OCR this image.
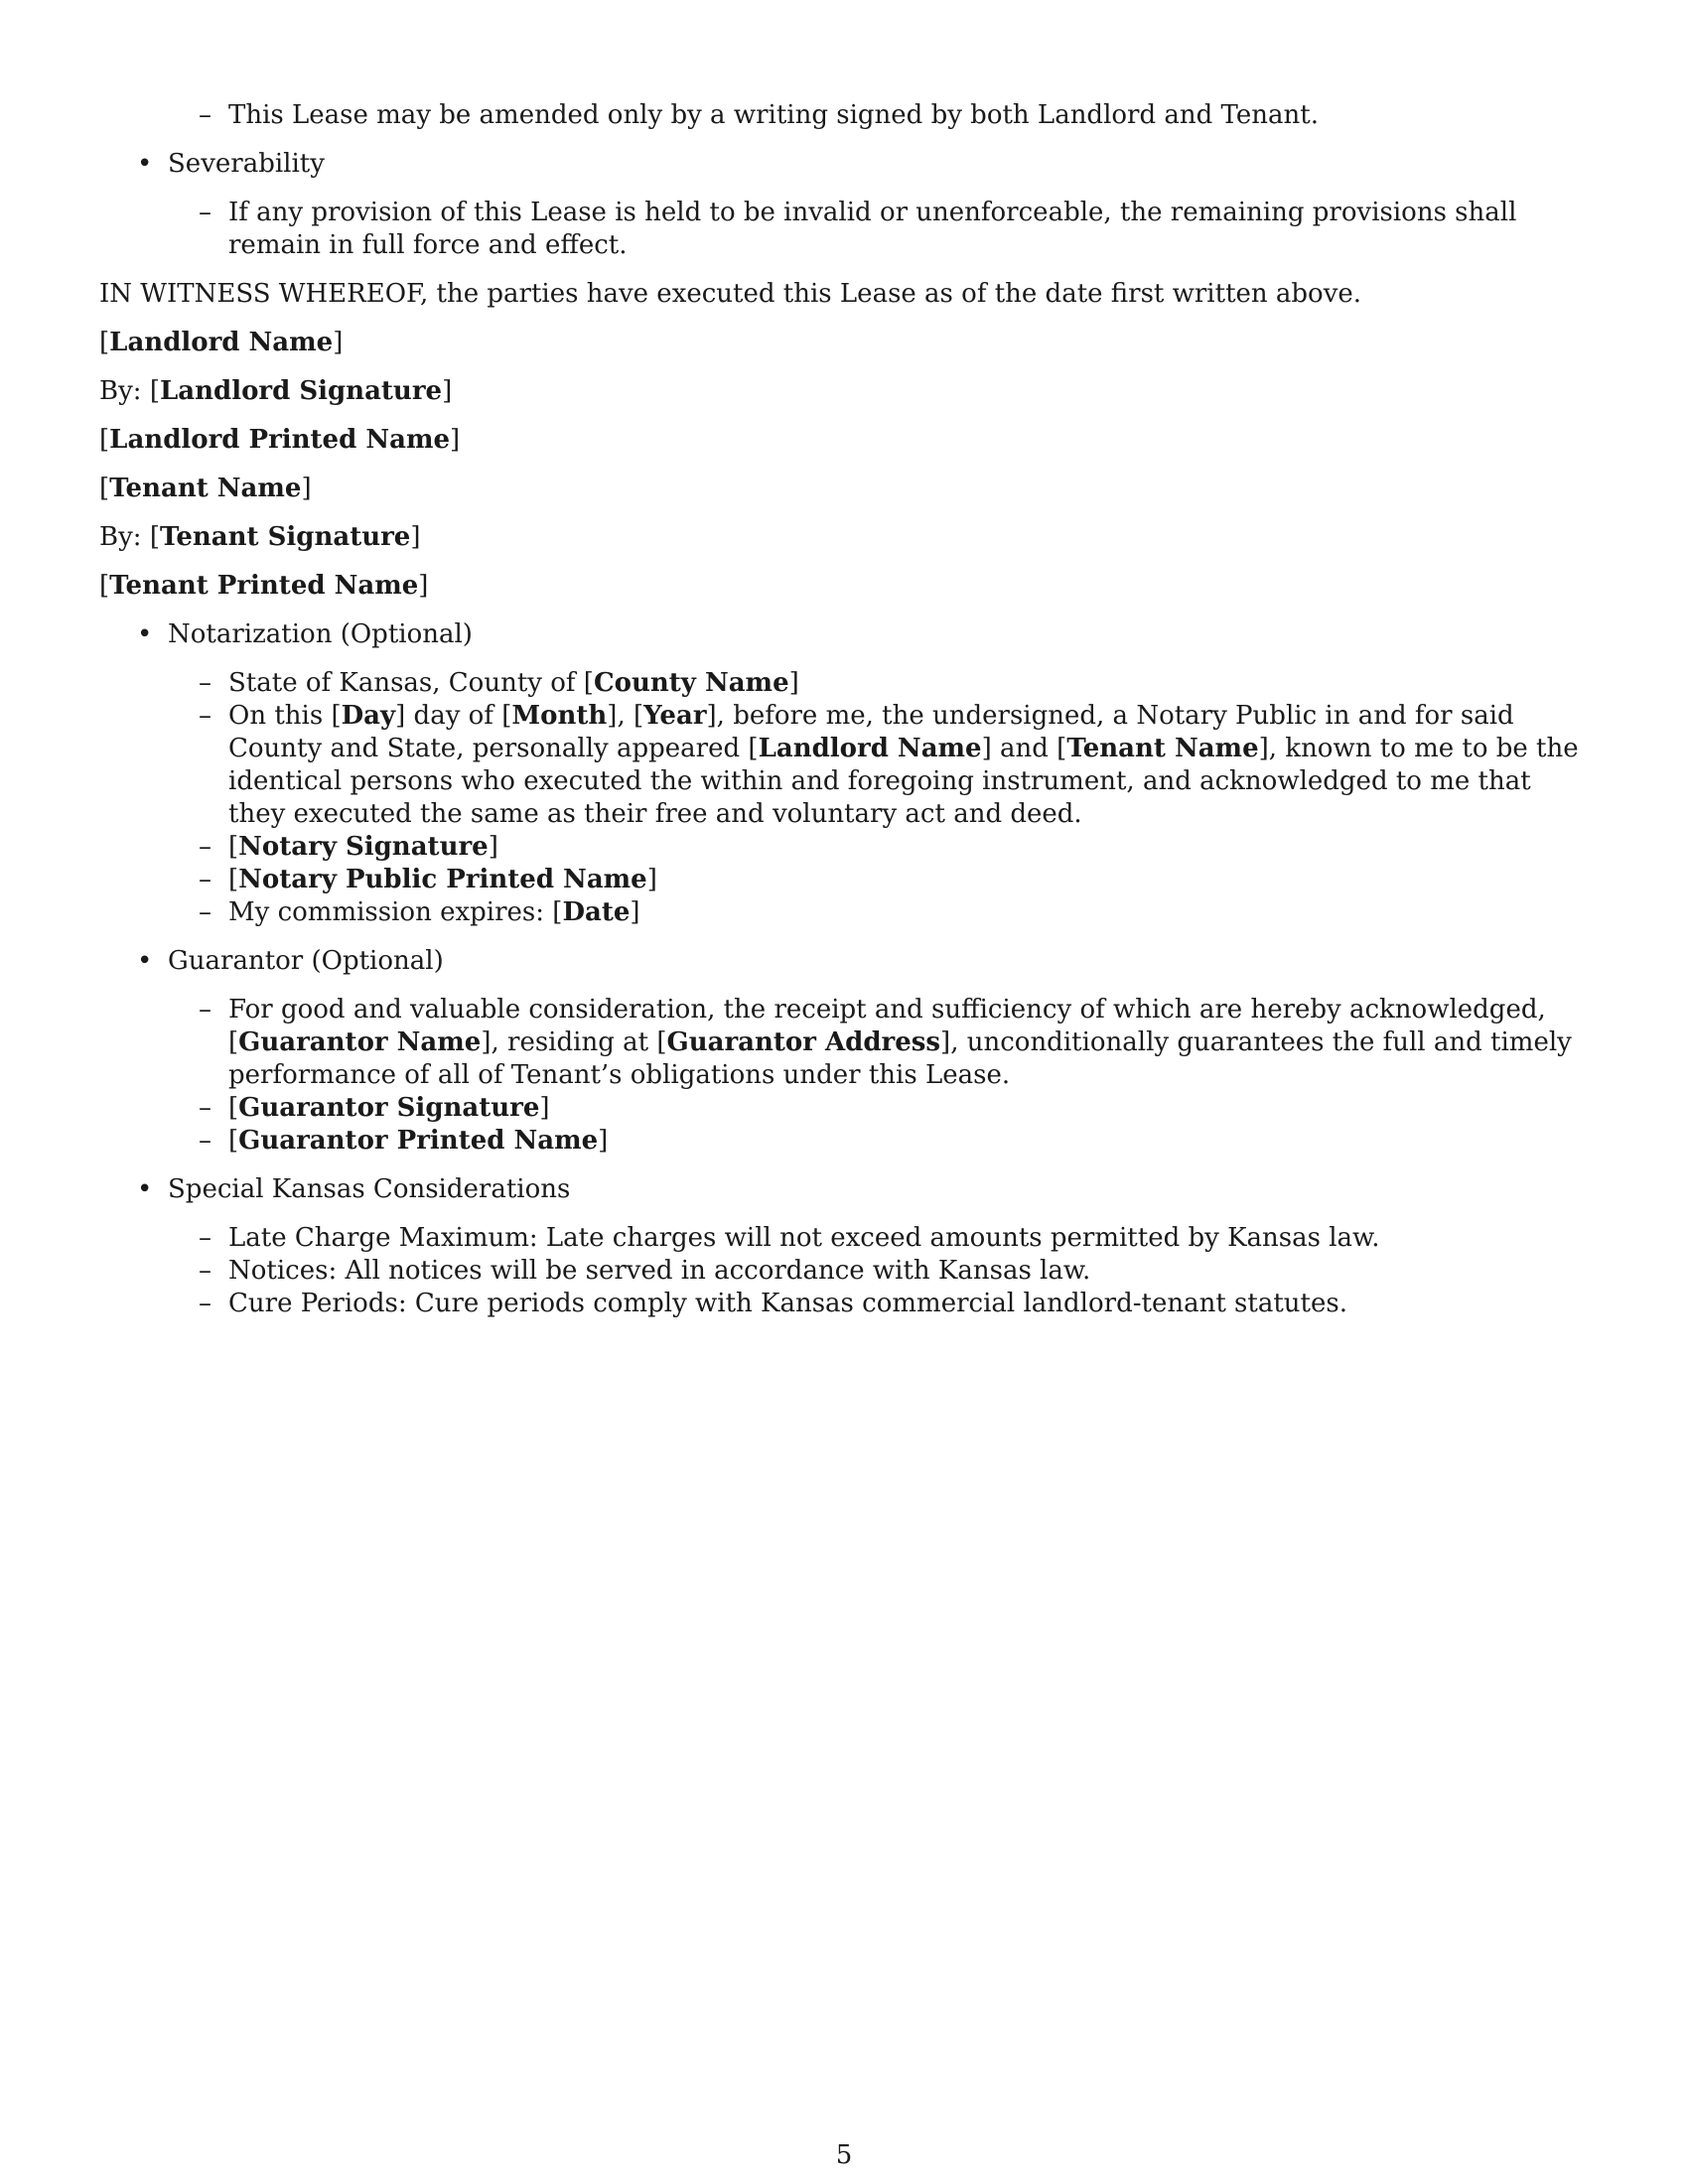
– This Lease may be amended only by a writing signed by both Landlord and Tenant.
• Severability
– If any provision of this Lease is held to be invalid or unenforceable, the remaining provisions shall remain in full force and effect.

IN WITNESS WHEREOF, the parties have executed this Lease as of the date first written above.

[Landlord Name]

By: [Landlord Signature]

[Landlord Printed Name]

[Tenant Name]

By: [Tenant Signature]

[Tenant Printed Name]

• Notarization (Optional)
– State of Kansas, County of [County Name]
– On this [Day] day of [Month], [Year], before me, the undersigned, a Notary Public in and for said County and State, personally appeared [Landlord Name] and [Tenant Name], known to me to be the identical persons who executed the within and foregoing instrument, and acknowledged to me that they executed the same as their free and voluntary act and deed.
– [Notary Signature]
– [Notary Public Printed Name]
– My commission expires: [Date]
• Guarantor (Optional)
– For good and valuable consideration, the receipt and sufficiency of which are hereby acknowledged, [Guarantor Name], residing at [Guarantor Address], unconditionally guarantees the full and timely performance of all of Tenant’s obligations under this Lease.
– [Guarantor Signature]
– [Guarantor Printed Name]
• Special Kansas Considerations
– Late Charge Maximum: Late charges will not exceed amounts permitted by Kansas law.
– Notices: All notices will be served in accordance with Kansas law.
– Cure Periods: Cure periods comply with Kansas commercial landlord-tenant statutes.
5
